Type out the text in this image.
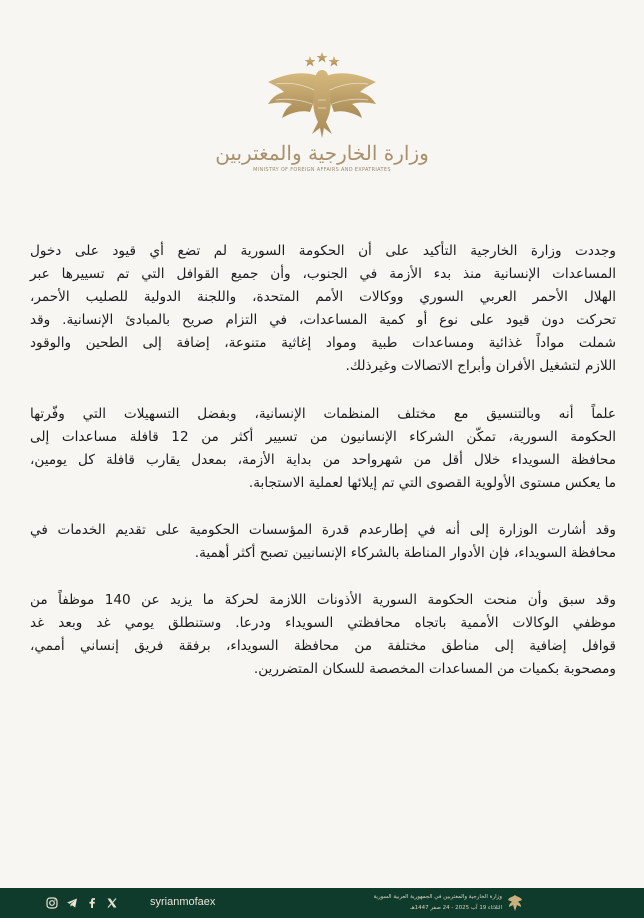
وزارة الخارجية والمغتربين
MINISTRY OF FOREIGN AFFAIRS AND EXPATRIATES

وجددت وزارة الخارجية التأكيد على أن الحكومة السورية لم تضع أي قيود على دخول
المساعدات الإنسانية منذ بدء الأزمة في الجنوب، وأن جميع القوافل التي تم تسييرها عبر
الهلال الأحمر العربي السوري ووكالات الأمم المتحدة، واللجنة الدولية للصليب الأحمر،
تحركت دون قيود على نوع أو كمية المساعدات، في التزام صريح بالمبادئ الإنسانية. وقد
شملت مواداً غذائية ومساعدات طبية ومواد إغاثية متنوعة، إضافة إلى الطحين والوقود
اللازم لتشغيل الأفران وأبراج الاتصالات وغيرذلك.

علماً أنه وبالتنسيق مع مختلف المنظمات الإنسانية، وبفضل التسهيلات التي وفّرتها
الحكومة السورية، تمكّن الشركاء الإنسانيون من تسيير أكثر من 12 قافلة مساعدات إلى
محافظة السويداء خلال أقل من شهرواحد من بداية الأزمة، بمعدل يقارب قافلة كل يومين،
ما يعكس مستوى الأولوية القصوى التي تم إيلائها لعملية الاستجابة.

وقد أشارت الوزارة إلى أنه في إطارعدم قدرة المؤسسات الحكومية على تقديم الخدمات في
محافظة السويداء، فإن الأدوار المناطة بالشركاء الإنسانيين تصبح أكثر أهمية.

وقد سبق وأن منحت الحكومة السورية الأذونات اللازمة لحركة ما يزيد عن 140 موظفاً من
موظفي الوكالات الأممية باتجاه محافظتي السويداء ودرعا. وستنطلق يومي غد وبعد غد
قوافل إضافية إلى مناطق مختلفة من محافظة السويداء، برفقة فريق إنساني أممي،
ومصحوبة بكميات من المساعدات المخصصة للسكان المتضررين.

syrianmofaex	وزارة الخارجية والمغتربين في الجمهورية العربية السورية
الثلاثاء 19 آب 2025 - 24 صفر 1447هـ
